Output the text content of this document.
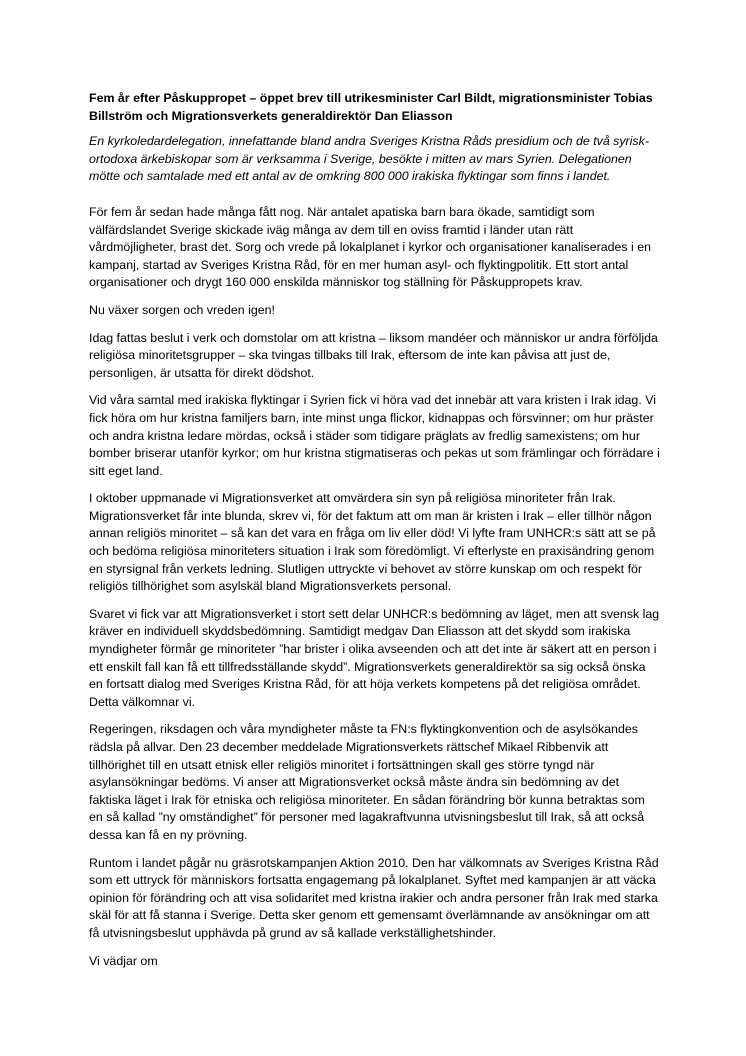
Fem år efter Påskuppropet – öppet brev till utrikesminister Carl Bildt, migrationsminister Tobias Billström och Migrationsverkets generaldirektör Dan Eliasson

En kyrkoledardelegation, innefattande bland andra Sveriges Kristna Råds presidium och de två syrisk-ortodoxa ärkebiskopar som är verksamma i Sverige, besökte i mitten av mars Syrien. Delegationen mötte och samtalade med ett antal av de omkring 800 000 irakiska flyktingar som finns i landet.

För fem år sedan hade många fått nog. När antalet apatiska barn bara ökade, samtidigt som välfärdslandet Sverige skickade iväg många av dem till en oviss framtid i länder utan rätt vårdmöjligheter, brast det. Sorg och vrede på lokalplanet i kyrkor och organisationer kanaliserades i en kampanj, startad av Sveriges Kristna Råd, för en mer human asyl- och flyktingpolitik. Ett stort antal organisationer och drygt 160 000 enskilda människor tog ställning för Påskuppropets krav.

Nu växer sorgen och vreden igen!

Idag fattas beslut i verk och domstolar om att kristna – liksom mandéer och människor ur andra förföljda religiösa minoritetsgrupper – ska tvingas tillbaks till Irak, eftersom de inte kan påvisa att just de, personligen, är utsatta för direkt dödshot.

Vid våra samtal med irakiska flyktingar i Syrien fick vi höra vad det innebär att vara kristen i Irak idag. Vi fick höra om hur kristna familjers barn, inte minst unga flickor, kidnappas och försvinner; om hur präster och andra kristna ledare mördas, också i städer som tidigare präglats av fredlig samexistens; om hur bomber briserar utanför kyrkor; om hur kristna stigmatiseras och pekas ut som främlingar och förrädare i sitt eget land.

I oktober uppmanade vi Migrationsverket att omvärdera sin syn på religiösa minoriteter från Irak. Migrationsverket får inte blunda, skrev vi, för det faktum att om man är kristen i Irak – eller tillhör någon annan religiös minoritet – så kan det vara en fråga om liv eller död! Vi lyfte fram UNHCR:s sätt att se på och bedöma religiösa minoriteters situation i Irak som föredömligt. Vi efterlyste en praxisändring genom en styrsignal från verkets ledning. Slutligen uttryckte vi behovet av större kunskap om och respekt för religiös tillhörighet som asylskäl bland Migrationsverkets personal.

Svaret vi fick var att Migrationsverket i stort sett delar UNHCR:s bedömning av läget, men att svensk lag kräver en individuell skyddsbedömning. Samtidigt medgav Dan Eliasson att det skydd som irakiska myndigheter förmår ge minoriteter ”har brister i olika avseenden och att det inte är säkert att en person i ett enskilt fall kan få ett tillfredsställande skydd”. Migrationsverkets generaldirektör sa sig också önska en fortsatt dialog med Sveriges Kristna Råd, för att höja verkets kompetens på det religiösa området. Detta välkomnar vi.

Regeringen, riksdagen och våra myndigheter måste ta FN:s flyktingkonvention och de asylsökandes rädsla på allvar. Den 23 december meddelade Migrationsverkets rättschef Mikael Ribbenvik att tillhörighet till en utsatt etnisk eller religiös minoritet i fortsättningen skall ges större tyngd när asylansökningar bedöms. Vi anser att Migrationsverket också måste ändra sin bedömning av det faktiska läget i Irak för etniska och religiösa minoriteter. En sådan förändring bör kunna betraktas som en så kallad ”ny omständighet” för personer med lagakraftvunna utvisningsbeslut till Irak, så att också dessa kan få en ny prövning.

Runtom i landet pågår nu gräsrotskampanjen Aktion 2010. Den har välkomnats av Sveriges Kristna Råd som ett uttryck för människors fortsatta engagemang på lokalplanet. Syftet med kampanjen är att väcka opinion för förändring och att visa solidaritet med kristna irakier och andra personer från Irak med starka skäl för att få stanna i Sverige. Detta sker genom ett gemensamt överlämnande av ansökningar om att få utvisningsbeslut upphävda på grund av så kallade verkställighetshinder.

Vi vädjar om
